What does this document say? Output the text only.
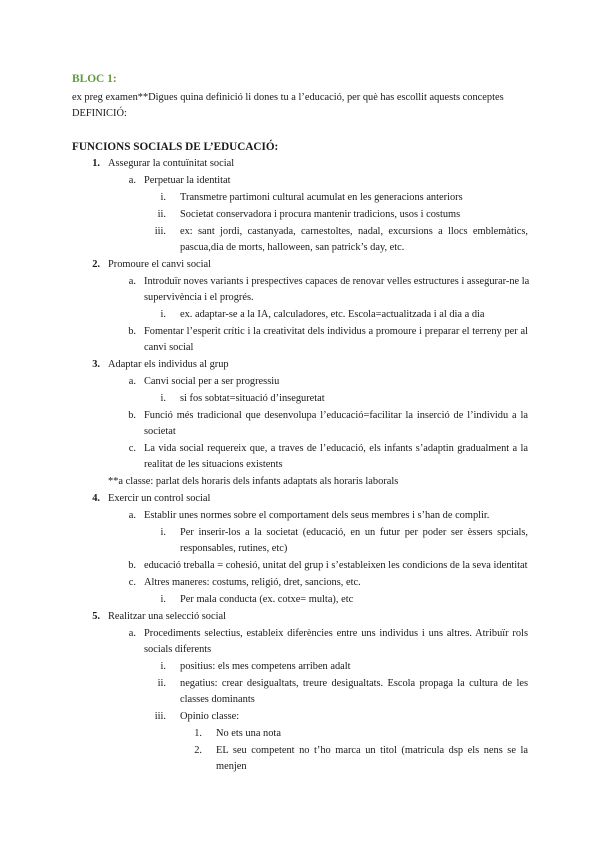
BLOC 1:
ex preg examen**Digues quina definició li dones tu a l’educació, per què has escollit aquests conceptes
DEFINICIÓ:
FUNCIONS SOCIALS DE L’EDUCACIÓ:
1. Assegurar la contuïnitat social
a. Perpetuar la identitat
i. Transmetre partimoni cultural acumulat en les generacions anteriors
ii. Societat conservadora i procura mantenir tradicions, usos i costums
iii. ex: sant jordi, castanyada, carnestoltes, nadal, excursions a llocs emblemàtics,
pascua,dia de morts, halloween, san patrick’s day, etc.
2. Promoure el canvi social
a. Introduïr noves variants i prespectives capaces de renovar velles estructures i assegurar-ne la
supervivència i el progrés.
i. ex. adaptar-se a la IA, calculadores, etc. Escola=actualitzada i al dia a dia
b. Fomentar l’esperit crític i la creativitat dels individus a promoure i preparar el terreny per al
canvi social
3. Adaptar els individus al grup
a. Canvi social per a ser progressiu
i. si fos sobtat=situació d’inseguretat
b. Funció més tradicional que desenvolupa l’educació=facilitar la inserció de l’individu a la
societat
c. La vida social requereix que, a traves de l’educació, els infants s’adaptin gradualment a la
realitat de les situacions existents
**a classe: parlat dels horaris dels infants adaptats als horaris laborals
4. Exercir un control social
a. Establir unes normes sobre el comportament dels seus membres i s’han de complir.
i. Per inserir-los a la societat (educació, en un futur per poder ser èssers spcials,
responsables, rutines, etc)
b. educació treballa = cohesió, unitat del grup i s’estableixen les condicions de la seva identitat
c. Altres maneres: costums, religió, dret, sancions, etc.
i. Per mala conducta (ex. cotxe= multa), etc
5. Realitzar una selecció social
a. Procediments selectius, estableix diferències entre uns individus i uns altres. Atribuïr rols
socials diferents
i. positius: els mes competens arriben adalt
ii. negatius: crear desigualtats, treure desigualtats. Escola propaga la cultura de les
classes dominants
iii. Opinio classe:
1. No ets una nota
2. EL seu competent no t’ho marca un titol (matricula dsp els nens se la
menjen
